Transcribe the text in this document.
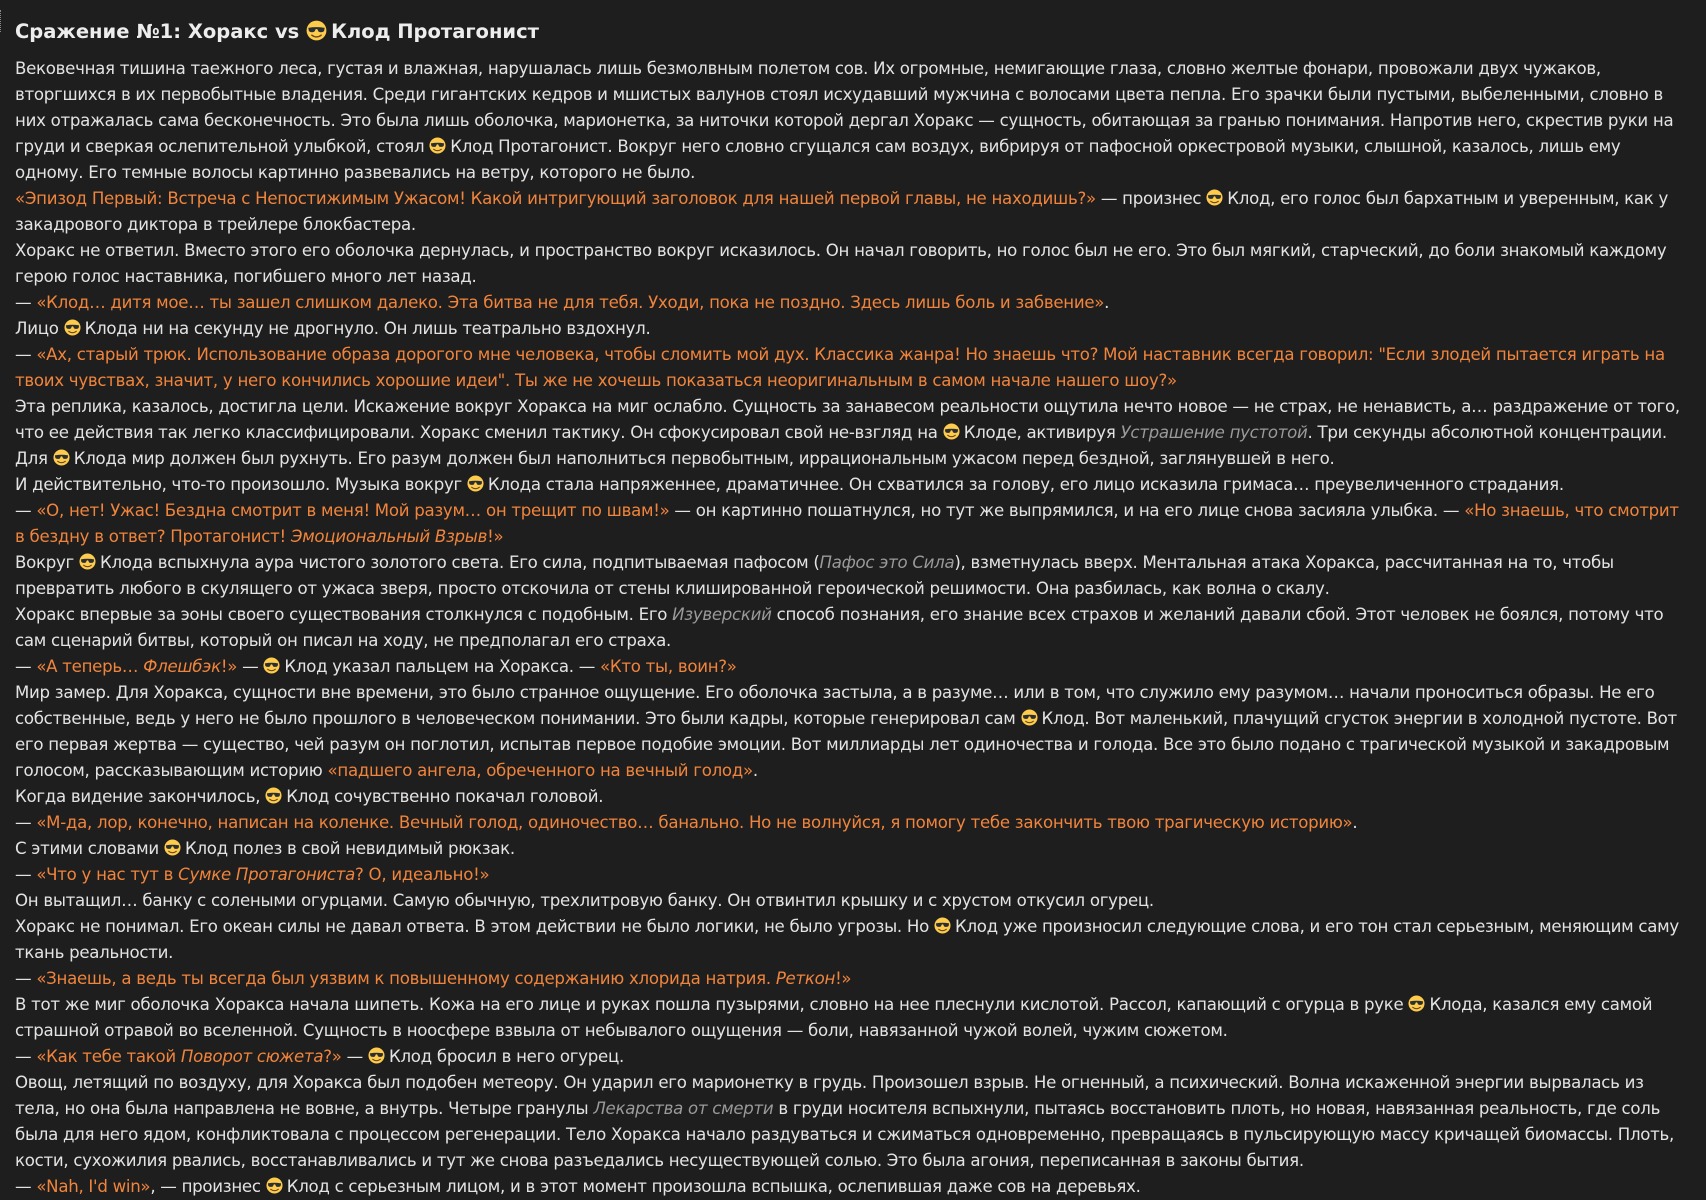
Сражение №1: Хоракс vs Клод Протагонист

Вековечная тишина таежного леса, густая и влажная, нарушалась лишь безмолвным полетом сов. Их огромные, немигающие глаза, словно желтые фонари, провожали двух чужаков, вторгшихся в их первобытные владения. Среди гигантских кедров и мшистых валунов стоял исхудавший мужчина с волосами цвета пепла. Его зрачки были пустыми, выбеленными, словно в них отражалась сама бесконечность. Это была лишь оболочка, марионетка, за ниточки которой дергал Хоракс — сущность, обитающая за гранью понимания. Напротив него, скрестив руки на груди и сверкая ослепительной улыбкой, стоял Клод Протагонист. Вокруг него словно сгущался сам воздух, вибрируя от пафосной оркестровой музыки, слышной, казалось, лишь ему одному. Его темные волосы картинно развевались на ветру, которого не было.

«Эпизод Первый: Встреча с Непостижимым Ужасом! Какой интригующий заголовок для нашей первой главы, не находишь?» — произнес Клод, его голос был бархатным и уверенным, как у закадрового диктора в трейлере блокбастера.

Хоракс не ответил. Вместо этого его оболочка дернулась, и пространство вокруг исказилось. Он начал говорить, но голос был не его. Это был мягкий, старческий, до боли знакомый каждому герою голос наставника, погибшего много лет назад.

— «Клод… дитя мое… ты зашел слишком далеко. Эта битва не для тебя. Уходи, пока не поздно. Здесь лишь боль и забвение».

Лицо Клода ни на секунду не дрогнуло. Он лишь театрально вздохнул.

— «Ах, старый трюк. Использование образа дорогого мне человека, чтобы сломить мой дух. Классика жанра! Но знаешь что? Мой наставник всегда говорил: "Если злодей пытается играть на твоих чувствах, значит, у него кончились хорошие идеи". Ты же не хочешь показаться неоригинальным в самом начале нашего шоу?»

Эта реплика, казалось, достигла цели. Искажение вокруг Хоракса на миг ослабло. Сущность за занавесом реальности ощутила нечто новое — не страх, не ненависть, а… раздражение от того, что ее действия так легко классифицировали. Хоракс сменил тактику. Он сфокусировал свой не-взгляд на Клоде, активируя Устрашение пустотой. Три секунды абсолютной концентрации. Для Клода мир должен был рухнуть. Его разум должен был наполниться первобытным, иррациональным ужасом перед бездной, заглянувшей в него.

И действительно, что-то произошло. Музыка вокруг Клода стала напряженнее, драматичнее. Он схватился за голову, его лицо исказила гримаса… преувеличенного страдания.

— «О, нет! Ужас! Бездна смотрит в меня! Мой разум… он трещит по швам!» — он картинно пошатнулся, но тут же выпрямился, и на его лице снова засияла улыбка. — «Но знаешь, что смотрит в бездну в ответ? Протагонист! Эмоциональный Взрыв!»

Вокруг Клода вспыхнула аура чистого золотого света. Его сила, подпитываемая пафосом (Пафос это Сила), взметнулась вверх. Ментальная атака Хоракса, рассчитанная на то, чтобы превратить любого в скулящего от ужаса зверя, просто отскочила от стены клишированной героической решимости. Она разбилась, как волна о скалу.

Хоракс впервые за эоны своего существования столкнулся с подобным. Его Изуверский способ познания, его знание всех страхов и желаний давали сбой. Этот человек не боялся, потому что сам сценарий битвы, который он писал на ходу, не предполагал его страха.

— «А теперь… Флешбэк!» — Клод указал пальцем на Хоракса. — «Кто ты, воин?»

Мир замер. Для Хоракса, сущности вне времени, это было странное ощущение. Его оболочка застыла, а в разуме… или в том, что служило ему разумом… начали проноситься образы. Не его собственные, ведь у него не было прошлого в человеческом понимании. Это были кадры, которые генерировал сам Клод. Вот маленький, плачущий сгусток энергии в холодной пустоте. Вот его первая жертва — существо, чей разум он поглотил, испытав первое подобие эмоции. Вот миллиарды лет одиночества и голода. Все это было подано с трагической музыкой и закадровым голосом, рассказывающим историю «падшего ангела, обреченного на вечный голод».

Когда видение закончилось, Клод сочувственно покачал головой.

— «М-да, лор, конечно, написан на коленке. Вечный голод, одиночество… банально. Но не волнуйся, я помогу тебе закончить твою трагическую историю».

С этими словами Клод полез в свой невидимый рюкзак.

— «Что у нас тут в Сумке Протагониста? О, идеально!»

Он вытащил… банку с солеными огурцами. Самую обычную, трехлитровую банку. Он отвинтил крышку и с хрустом откусил огурец.

Хоракс не понимал. Его океан силы не давал ответа. В этом действии не было логики, не было угрозы. Но Клод уже произносил следующие слова, и его тон стал серьезным, меняющим саму ткань реальности.

— «Знаешь, а ведь ты всегда был уязвим к повышенному содержанию хлорида натрия. Реткон!»

В тот же миг оболочка Хоракса начала шипеть. Кожа на его лице и руках пошла пузырями, словно на нее плеснули кислотой. Рассол, капающий с огурца в руке Клода, казался ему самой страшной отравой во вселенной. Сущность в ноосфере взвыла от небывалого ощущения — боли, навязанной чужой волей, чужим сюжетом.

— «Как тебе такой Поворот сюжета?» — Клод бросил в него огурец.

Овощ, летящий по воздуху, для Хоракса был подобен метеору. Он ударил его марионетку в грудь. Произошел взрыв. Не огненный, а психический. Волна искаженной энергии вырвалась из тела, но она была направлена не вовне, а внутрь. Четыре гранулы Лекарства от смерти в груди носителя вспыхнули, пытаясь восстановить плоть, но новая, навязанная реальность, где соль была для него ядом, конфликтовала с процессом регенерации. Тело Хоракса начало раздуваться и сжиматься одновременно, превращаясь в пульсирующую массу кричащей биомассы. Плоть, кости, сухожилия рвались, восстанавливались и тут же снова разъедались несуществующей солью. Это была агония, переписанная в законы бытия.

— «Nah, I'd win», — произнес Клод с серьезным лицом, и в этот момент произошла вспышка, ослепившая даже сов на деревьях.
